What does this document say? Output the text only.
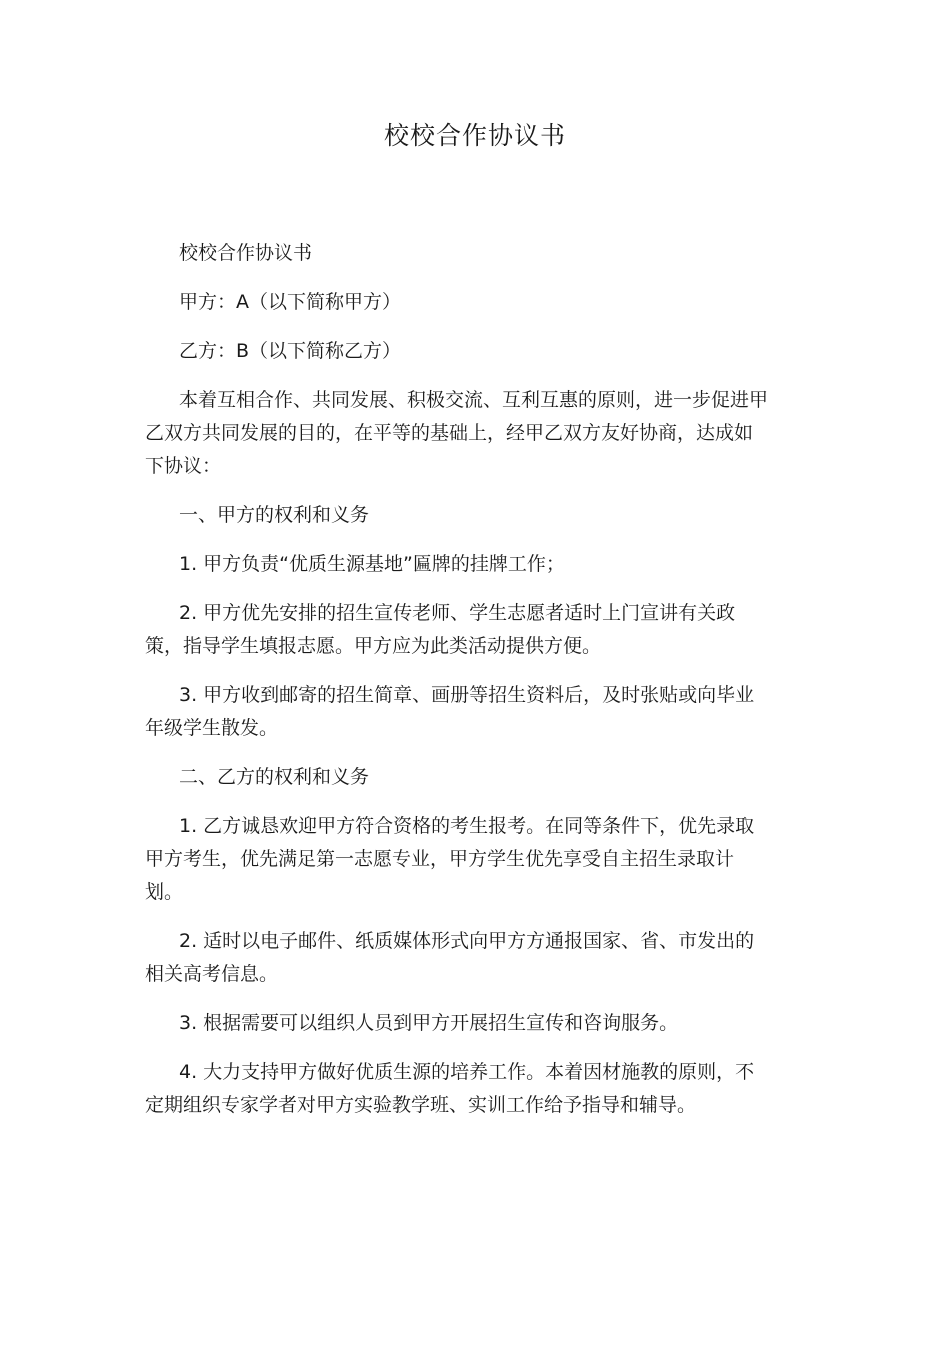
校校合作协议书

校校合作协议书

甲方：A（以下简称甲方）

乙方：B（以下简称乙方）

本着互相合作、共同发展、积极交流、互利互惠的原则，进一步促进甲乙双方共同发展的目的，在平等的基础上，经甲乙双方友好协商，达成如下协议：

一、甲方的权利和义务

1. 甲方负责“优质生源基地”匾牌的挂牌工作；

2. 甲方优先安排的招生宣传老师、学生志愿者适时上门宣讲有关政策，指导学生填报志愿。甲方应为此类活动提供方便。

3. 甲方收到邮寄的招生简章、画册等招生资料后，及时张贴或向毕业年级学生散发。

二、乙方的权利和义务

1. 乙方诚恳欢迎甲方符合资格的考生报考。在同等条件下，优先录取甲方考生，优先满足第一志愿专业，甲方学生优先享受自主招生录取计划。

2. 适时以电子邮件、纸质媒体形式向甲方方通报国家、省、市发出的相关高考信息。

3. 根据需要可以组织人员到甲方开展招生宣传和咨询服务。

4. 大力支持甲方做好优质生源的培养工作。本着因材施教的原则，不定期组织专家学者对甲方实验教学班、实训工作给予指导和辅导。
